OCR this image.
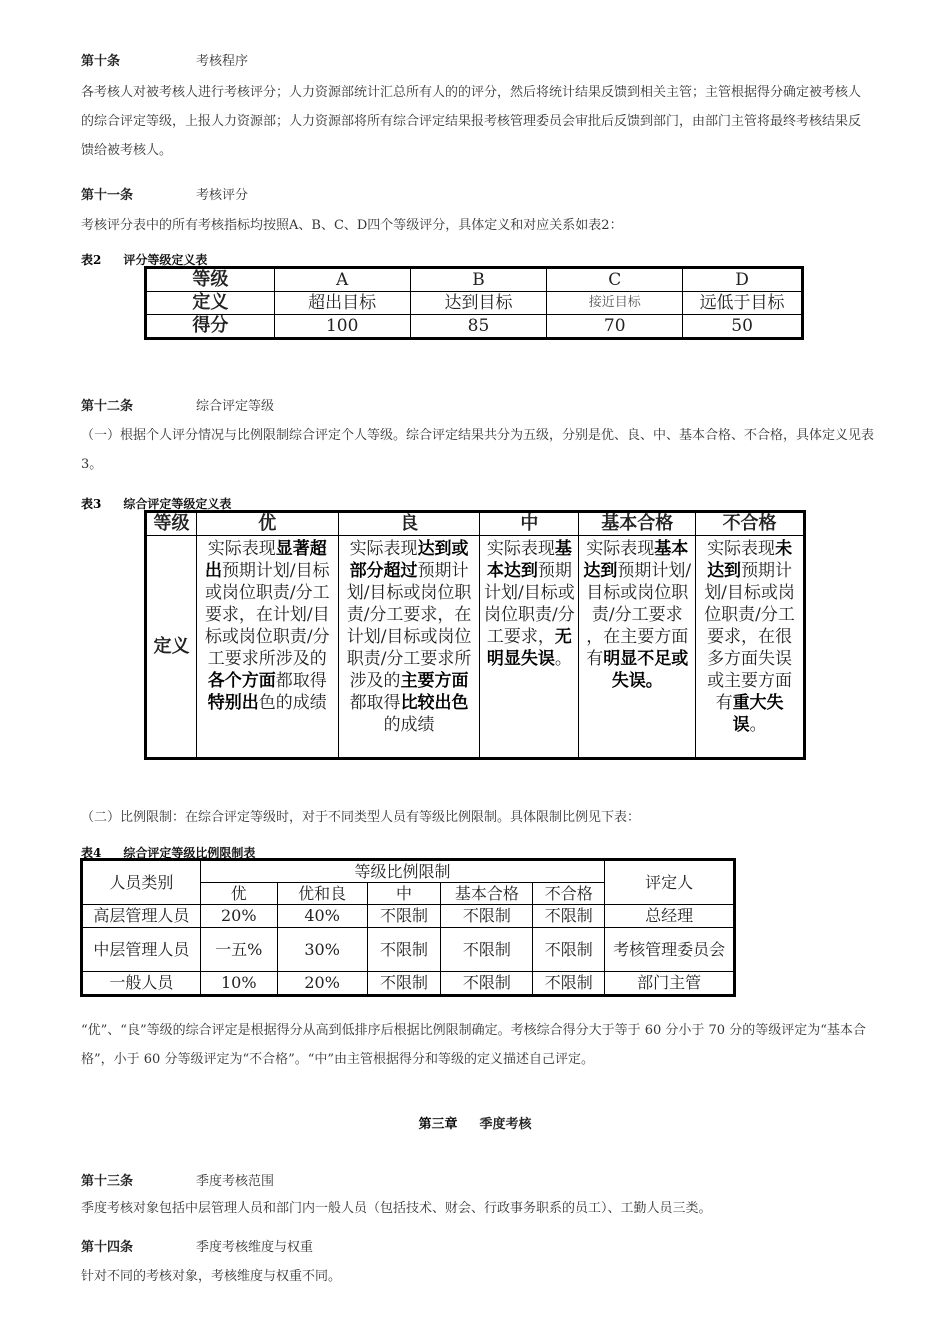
第十条	考核程序
各考核人对被考核人进行考核评分；人力资源部统计汇总所有人的的评分，然后将统计结果反馈到相关主管；主管根据得分确定被考核人的综合评定等级，上报人力资源部；人力资源部将所有综合评定结果报考核管理委员会审批后反馈到部门，由部门主管将最终考核结果反馈给被考核人。
第十一条	考核评分
考核评分表中的所有考核指标均按照A、B、C、D四个等级评分，具体定义和对应关系如表2：
表2 评分等级定义表
等级	A	B	C	D
定义	超出目标	达到目标	接近目标	远低于目标
得分	100	85	70	50
第十二条	综合评定等级
（一）根据个人评分情况与比例限制综合评定个人等级。综合评定结果共分为五级，分别是优、良、中、基本合格、不合格，具体定义见表3。
表3 综合评定等级定义表
等级	优	良	中	基本合格	不合格
定义	实际表现显著超出预期计划/目标或岗位职责/分工要求，在计划/目标或岗位职责/分工要求所涉及的各个方面都取得特别出色的成绩	实际表现达到或部分超过预期计划/目标或岗位职责/分工要求，在计划/目标或岗位职责/分工要求所涉及的主要方面都取得比较出色的成绩	实际表现基本达到预期计划/目标或岗位职责/分工要求，无明显失误。	实际表现基本达到预期计划/目标或岗位职责/分工要求 ，在主要方面有明显不足或失误。	实际表现未达到预期计划/目标或岗位职责/分工要求，在很多方面失误或主要方面有重大失误。
（二）比例限制：在综合评定等级时，对于不同类型人员有等级比例限制。具体限制比例见下表：
表4 综合评定等级比例限制表
人员类别	等级比例限制					评定人
	优	优和良	中	基本合格	不合格	
高层管理人员	20%	40%	不限制	不限制	不限制	总经理
中层管理人员	一五%	30%	不限制	不限制	不限制	考核管理委员会
一般人员	10%	20%	不限制	不限制	不限制	部门主管
“优”、“良”等级的综合评定是根据得分从高到低排序后根据比例限制确定。考核综合得分大于等于 60 分小于 70 分的等级评定为“基本合格”，小于 60 分等级评定为“不合格”。“中”由主管根据得分和等级的定义描述自己评定。
第三章 季度考核
第十三条	季度考核范围
季度考核对象包括中层管理人员和部门内一般人员（包括技术、财会、行政事务职系的员工）、工勤人员三类。
第十四条	季度考核维度与权重
针对不同的考核对象，考核维度与权重不同。
